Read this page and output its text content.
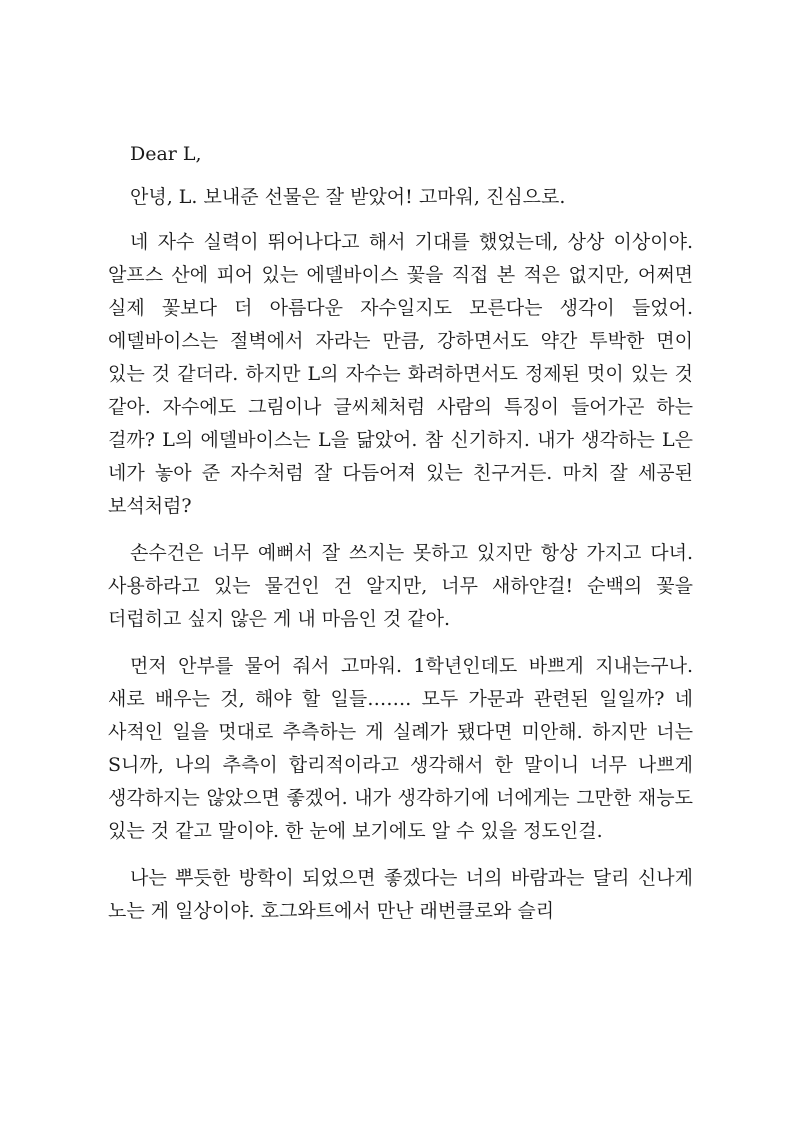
Dear L,

안녕, L. 보내준 선물은 잘 받았어! 고마워, 진심으로.

네 자수 실력이 뛰어나다고 해서 기대를 했었는데, 상상 이상이야. 알프스 산에 피어 있는 에델바이스 꽃을 직접 본 적은 없지만, 어쩌면 실제 꽃보다 더 아름다운 자수일지도 모른다는 생각이 들었어. 에델바이스는 절벽에서 자라는 만큼, 강하면서도 약간 투박한 면이 있는 것 같더라. 하지만 L의 자수는 화려하면서도 정제된 멋이 있는 것 같아. 자수에도 그림이나 글씨체처럼 사람의 특징이 들어가곤 하는 걸까? L의 에델바이스는 L을 닮았어. 참 신기하지. 내가 생각하는 L은 네가 놓아 준 자수처럼 잘 다듬어져 있는 친구거든. 마치 잘 세공된 보석처럼?

손수건은 너무 예뻐서 잘 쓰지는 못하고 있지만 항상 가지고 다녀. 사용하라고 있는 물건인 건 알지만, 너무 새하얀걸! 순백의 꽃을 더럽히고 싶지 않은 게 내 마음인 것 같아.

먼저 안부를 물어 줘서 고마워. 1학년인데도 바쁘게 지내는구나. 새로 배우는 것, 해야 할 일들……. 모두 가문과 관련된 일일까? 네 사적인 일을 멋대로 추측하는 게 실례가 됐다면 미안해. 하지만 너는 S니까, 나의 추측이 합리적이라고 생각해서 한 말이니 너무 나쁘게 생각하지는 않았으면 좋겠어. 내가 생각하기에 너에게는 그만한 재능도 있는 것 같고 말이야. 한 눈에 보기에도 알 수 있을 정도인걸.

나는 뿌듯한 방학이 되었으면 좋겠다는 너의 바람과는 달리 신나게 노는 게 일상이야. 호그와트에서 만난 래번클로와 슬리
